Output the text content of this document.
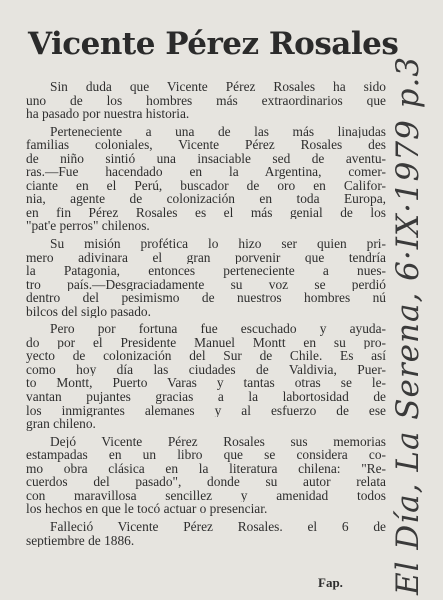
Vicente Pérez Rosales
Sin duda que Vicente Pérez Rosales ha sido
uno de los hombres más extraordinarios que
ha pasado por nuestra historia.
Perteneciente a una de las más linajudas
familias coloniales, Vicente Pérez Rosales des
de niño sintió una insaciable sed de aventu-
ras.—Fue hacendado en la Argentina, comer-
ciante en el Perú, buscador de oro en Califor-
nia, agente de colonización en toda Europa,
en fin Pérez Rosales es el más genial de los
"pat'e perros" chilenos.
Su misión profética lo hizo ser quien pri-
mero adivinara el gran porvenir que tendría
la Patagonia, entonces perteneciente a nues-
tro país.—Desgraciadamente su voz se perdió
dentro del pesimismo de nuestros hombres nú
bilcos del siglo pasado.
Pero por fortuna fue escuchado y ayuda-
do por el Presidente Manuel Montt en su pro-
yecto de colonización del Sur de Chile. Es así
como hoy día las ciudades de Valdivia, Puer-
to Montt, Puerto Varas y tantas otras se le-
vantan pujantes gracias a la labortosidad de
los inmigrantes alemanes y al esfuerzo de ese
gran chileno.
Dejó Vicente Pérez Rosales sus memorias
estampadas en un libro que se considera co-
mo obra clásica en la literatura chilena: "Re-
cuerdos del pasado", donde su autor relata
con maravillosa sencillez y amenidad todos
los hechos en que le tocó actuar o presenciar.
Falleció Vicente Pérez Rosales. el 6 de
septiembre de 1886.
Fap. El Día, La Serena, 6·IX·1979 p.3
